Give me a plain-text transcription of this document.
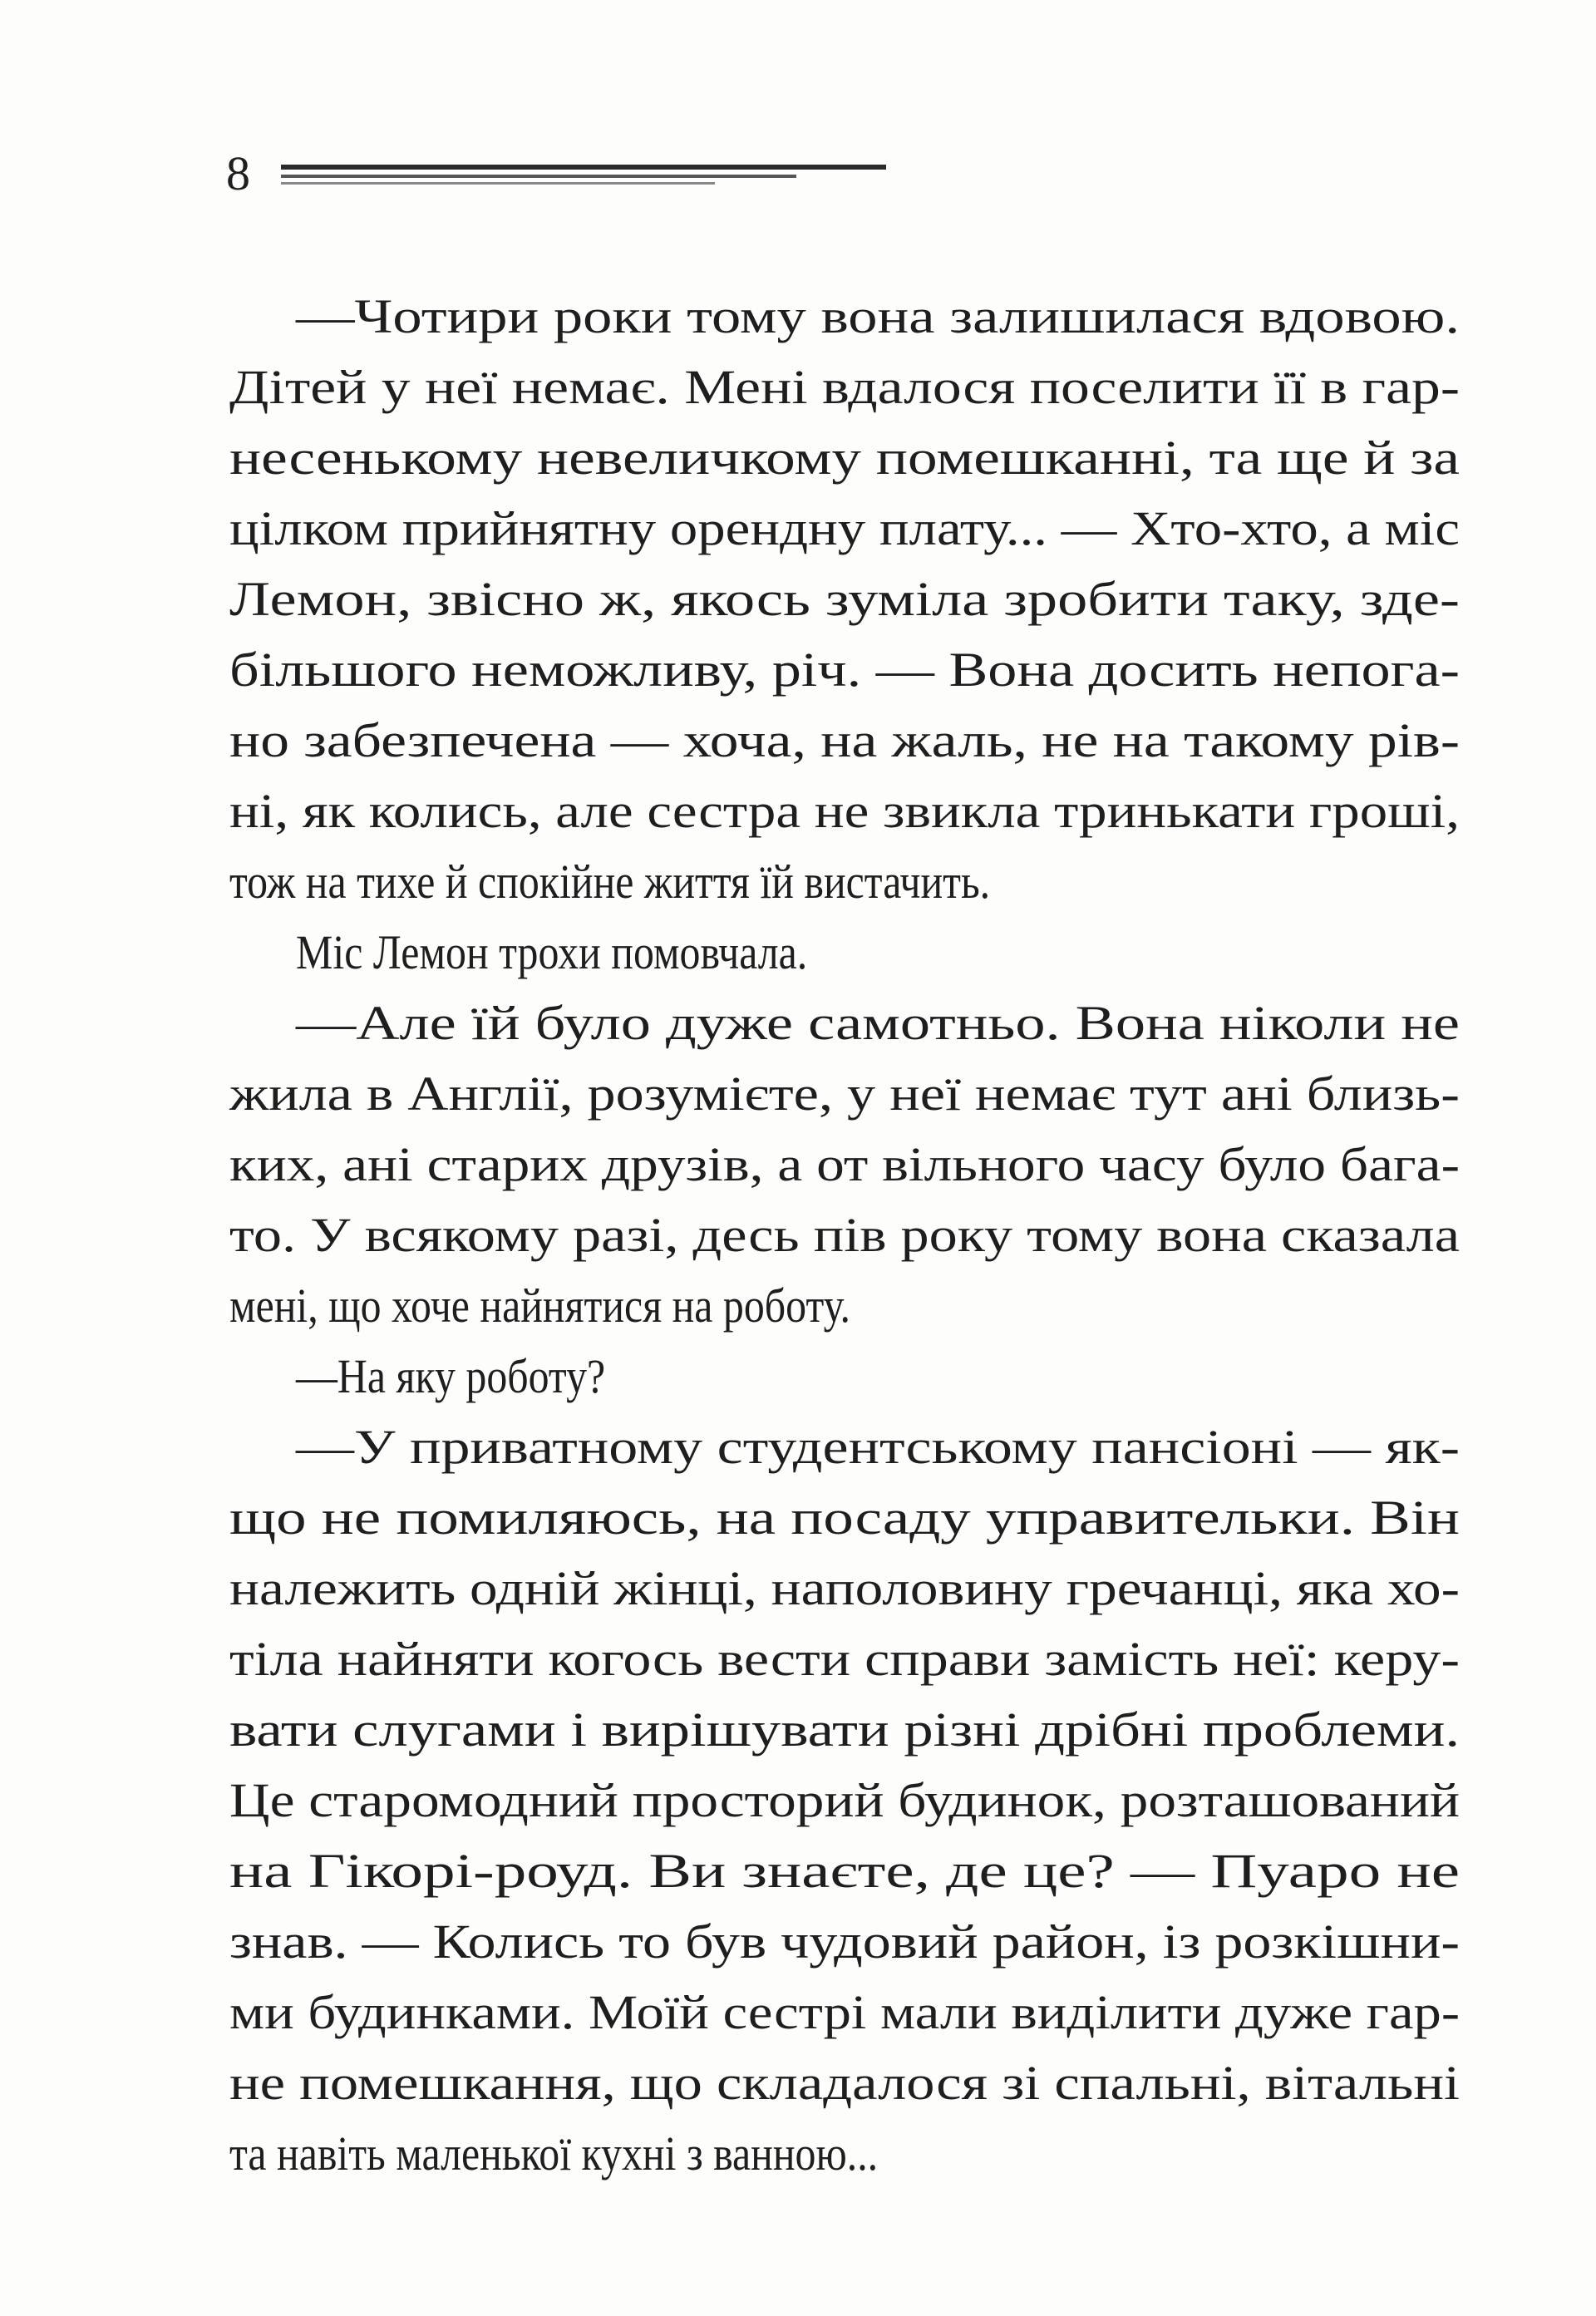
8
—Чотири роки тому вона залишилася вдовою.
Дітей у неї немає. Мені вдалося поселити її в гар-
несенькому невеличкому помешканні, та ще й за
цілком прийнятну орендну плату... — Хто-хто, а міс
Лемон, звісно ж, якось зуміла зробити таку, зде-
більшого неможливу, річ. — Вона досить непога-
но забезпечена — хоча, на жаль, не на такому рів-
ні, як колись, але сестра не звикла тринькати гроші,
тож на тихе й спокійне життя їй вистачить.
Міс Лемон трохи помовчала.
—Але їй було дуже самотньо. Вона ніколи не
жила в Англії, розумієте, у неї немає тут ані близь-
ких, ані старих друзів, а от вільного часу було бага-
то. У всякому разі, десь пів року тому вона сказала
мені, що хоче найнятися на роботу.
—На яку роботу?
—У приватному студентському пансіоні — як-
що не помиляюсь, на посаду управительки. Він
належить одній жінці, наполовину гречанці, яка хо-
тіла найняти когось вести справи замість неї: керу-
вати слугами і вирішувати різні дрібні проблеми.
Це старомодний просторий будинок, розташований
на Гікорі-роуд. Ви знаєте, де це? — Пуаро не
знав. — Колись то був чудовий район, із розкішни-
ми будинками. Моїй сестрі мали виділити дуже гар-
не помешкання, що складалося зі спальні, вітальні
та навіть маленької кухні з ванною...
